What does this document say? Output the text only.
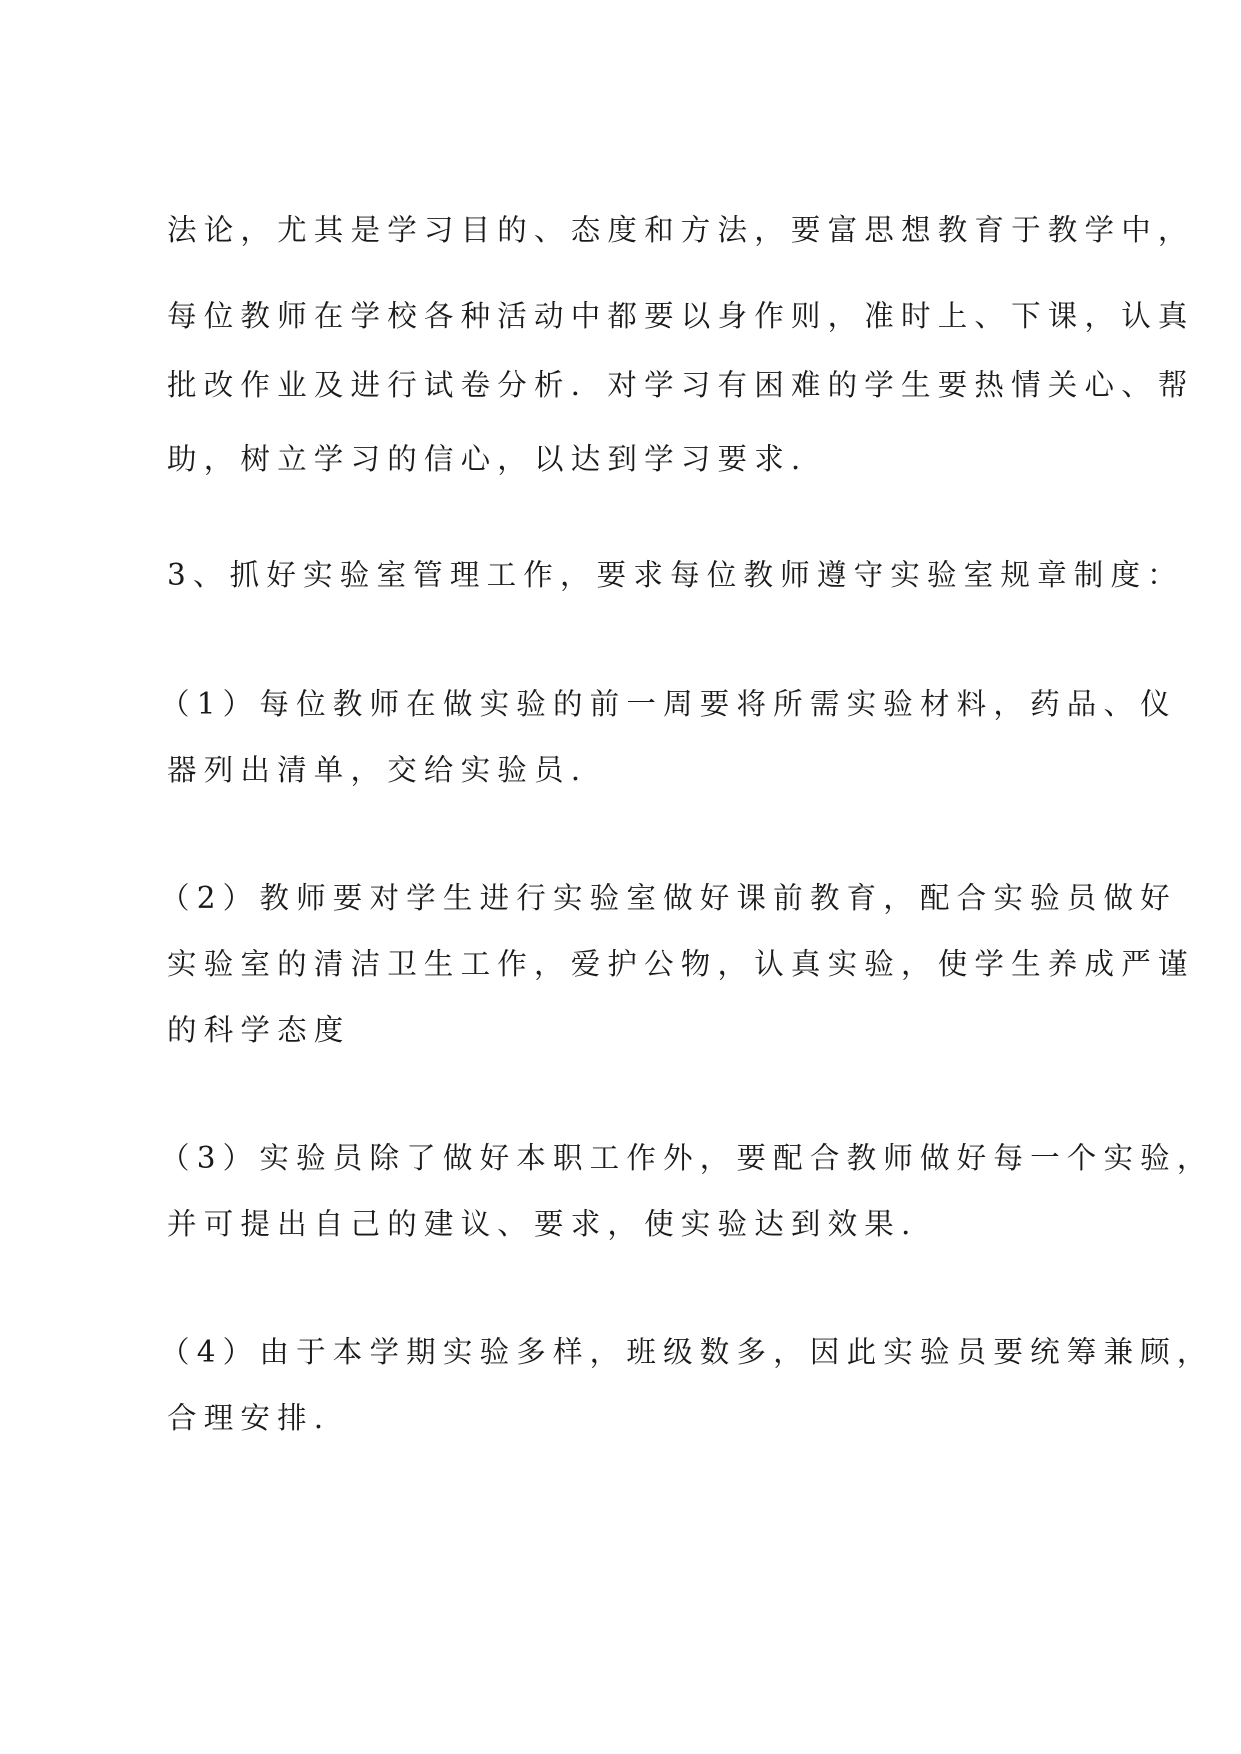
法论，尤其是学习目的、态度和方法，要富思想教育于教学中，
每位教师在学校各种活动中都要以身作则，准时上、下课，认真
批改作业及进行试卷分析．对学习有困难的学生要热情关心、帮
助，树立学习的信心，以达到学习要求.
3、抓好实验室管理工作，要求每位教师遵守实验室规章制度：
（1）每位教师在做实验的前一周要将所需实验材料，药品、仪
器列出清单，交给实验员.
（2）教师要对学生进行实验室做好课前教育，配合实验员做好
实验室的清洁卫生工作，爱护公物，认真实验，使学生养成严谨
的科学态度
（3）实验员除了做好本职工作外，要配合教师做好每一个实验，
并可提出自己的建议、要求，使实验达到效果.
（4）由于本学期实验多样，班级数多，因此实验员要统筹兼顾，
合理安排.
